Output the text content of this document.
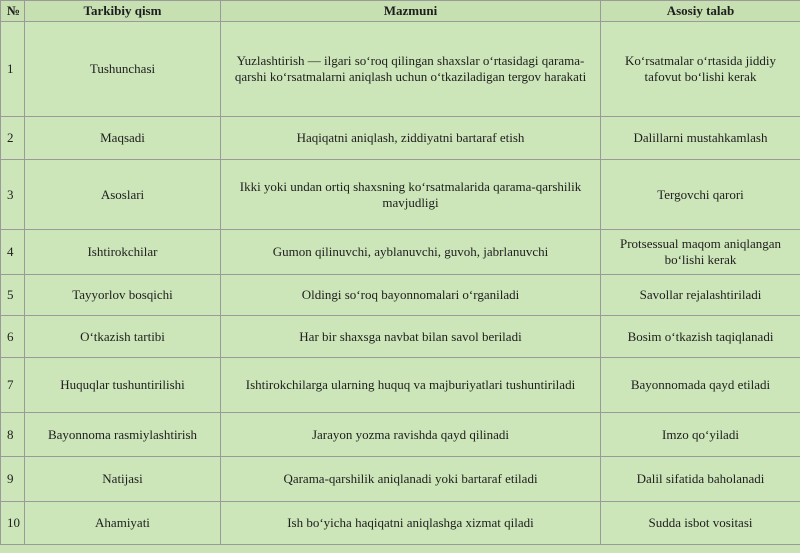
№	Tarkibiy qism	Mazmuni	Asosiy talab
1	Tushunchasi	Yuzlashtirish — ilgari so‘roq qilingan shaxslar o‘rtasidagi qarama-qarshi ko‘rsatmalarni aniqlash uchun o‘tkaziladigan tergov harakati	Ko‘rsatmalar o‘rtasida jiddiy tafovut bo‘lishi kerak
2	Maqsadi	Haqiqatni aniqlash, ziddiyatni bartaraf etish	Dalillarni mustahkamlash
3	Asoslari	Ikki yoki undan ortiq shaxsning ko‘rsatmalarida qarama-qarshilik mavjudligi	Tergovchi qarori
4	Ishtirokchilar	Gumon qilinuvchi, ayblanuvchi, guvoh, jabrlanuvchi	Protsessual maqom aniqlangan bo‘lishi kerak
5	Tayyorlov bosqichi	Oldingi so‘roq bayonnomalari o‘rganiladi	Savollar rejalashtiriladi
6	O‘tkazish tartibi	Har bir shaxsga navbat bilan savol beriladi	Bosim o‘tkazish taqiqlanadi
7	Huquqlar tushuntirilishi	Ishtirokchilarga ularning huquq va majburiyatlari tushuntiriladi	Bayonnomada qayd etiladi
8	Bayonnoma rasmiylashtirish	Jarayon yozma ravishda qayd qilinadi	Imzo qo‘yiladi
9	Natijasi	Qarama-qarshilik aniqlanadi yoki bartaraf etiladi	Dalil sifatida baholanadi
10	Ahamiyati	Ish bo‘yicha haqiqatni aniqlashga xizmat qiladi	Sudda isbot vositasi
